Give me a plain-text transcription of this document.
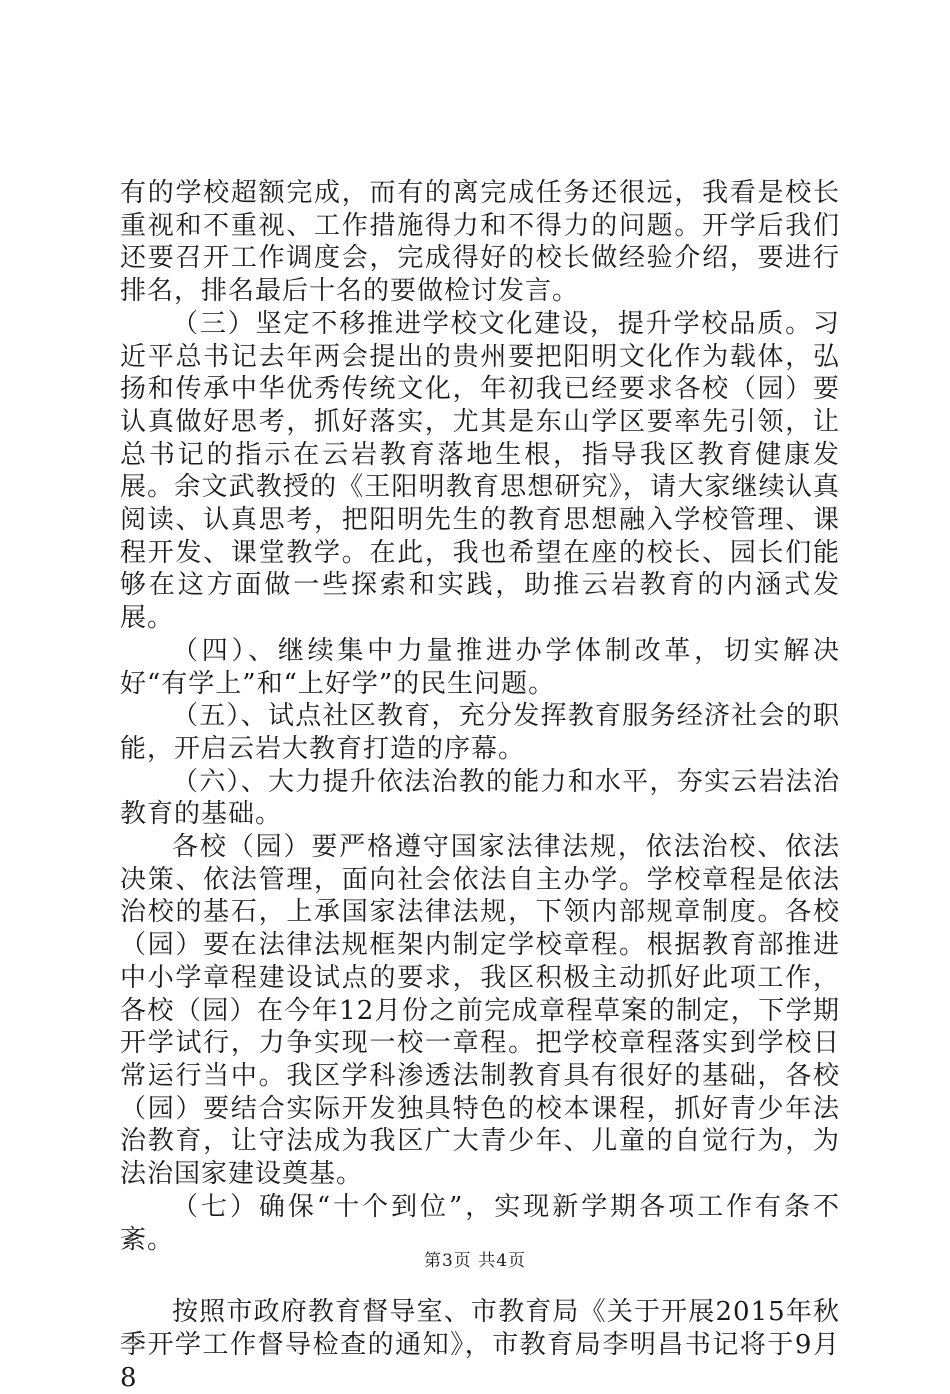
有的学校超额完成，而有的离完成任务还很远，我看是校长重视和不重视、工作措施得力和不得力的问题。开学后我们还要召开工作调度会，完成得好的校长做经验介绍，要进行排名，排名最后十名的要做检讨发言。

（三）坚定不移推进学校文化建设，提升学校品质。习近平总书记去年两会提出的贵州要把阳明文化作为载体，弘扬和传承中华优秀传统文化，年初我已经要求各校（园）要认真做好思考，抓好落实，尤其是东山学区要率先引领，让总书记的指示在云岩教育落地生根，指导我区教育健康发展。余文武教授的《王阳明教育思想研究》，请大家继续认真阅读、认真思考，把阳明先生的教育思想融入学校管理、课程开发、课堂教学。在此，我也希望在座的校长、园长们能够在这方面做一些探索和实践，助推云岩教育的内涵式发展。

（四）、继续集中力量推进办学体制改革，切实解决好“有学上”和“上好学”的民生问题。

（五）、试点社区教育，充分发挥教育服务经济社会的职能，开启云岩大教育打造的序幕。

（六）、大力提升依法治教的能力和水平，夯实云岩法治教育的基础。

各校（园）要严格遵守国家法律法规，依法治校、依法决策、依法管理，面向社会依法自主办学。学校章程是依法治校的基石，上承国家法律法规，下领内部规章制度。各校（园）要在法律法规框架内制定学校章程。根据教育部推进中小学章程建设试点的要求，我区积极主动抓好此项工作，各校（园）在今年12月份之前完成章程草案的制定，下学期开学试行，力争实现一校一章程。把学校章程落实到学校日常运行当中。我区学科渗透法制教育具有很好的基础，各校（园）要结合实际开发独具特色的校本课程，抓好青少年法治教育，让守法成为我区广大青少年、儿童的自觉行为，为法治国家建设奠基。

（七）确保“十个到位”，实现新学期各项工作有条不紊。

按照市政府教育督导室、市教育局《关于开展2015年秋季开学工作督导检查的通知》，市教育局李明昌书记将于9月8

第3页 共4页
